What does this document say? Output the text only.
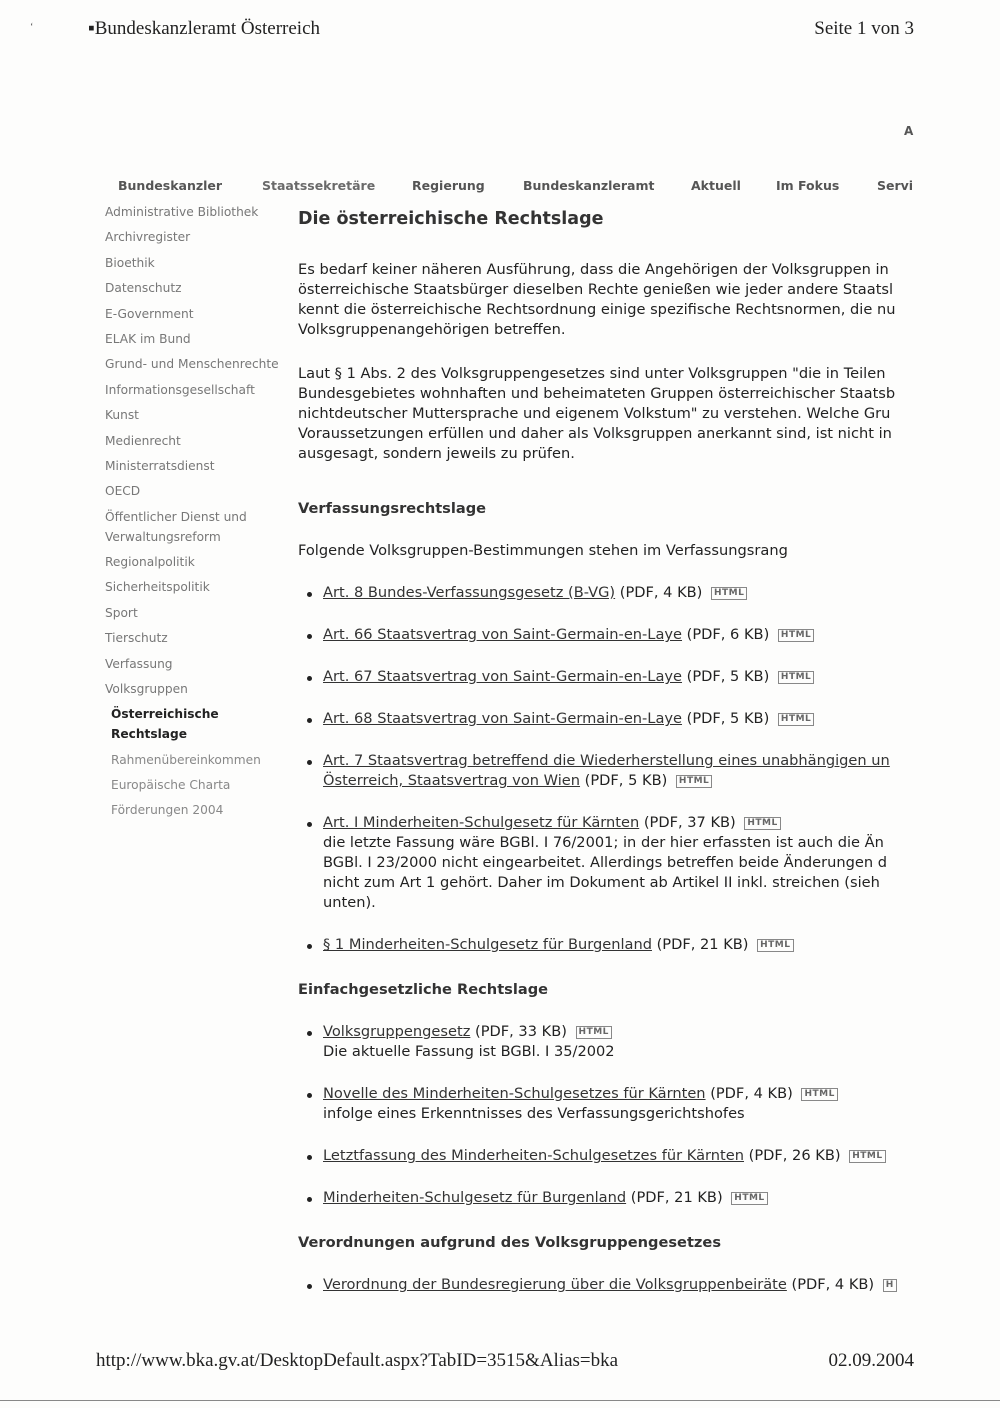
‘	▪Bundeskanzleramt Österreich	Seite 1 von 3
A
Bundeskanzler	Staatssekretäre	Regierung	Bundeskanzleramt	Aktuell	Im Fokus	Servi
Administrative Bibliothek
Archivregister
Bioethik
Datenschutz
E-Government
ELAK im Bund
Grund- und Menschenrechte
Informationsgesellschaft
Kunst
Medienrecht
Ministerratsdienst
OECD
Öffentlicher Dienst und Verwaltungsreform
Regionalpolitik
Sicherheitspolitik
Sport
Tierschutz
Verfassung
Volksgruppen
Österreichische Rechtslage
Rahmenübereinkommen
Europäische Charta
Förderungen 2004
Die österreichische Rechtslage

Es bedarf keiner näheren Ausführung, dass die Angehörigen der Volksgruppen in

österreichische Staatsbürger dieselben Rechte genießen wie jeder andere Staatsl

kennt die österreichische Rechtsordnung einige spezifische Rechtsnormen, die nu

Volksgruppenangehörigen betreffen.

Laut § 1 Abs. 2 des Volksgruppengesetzes sind unter Volksgruppen "die in Teilen

Bundesgebietes wohnhaften und beheimateten Gruppen österreichischer Staatsb

nichtdeutscher Muttersprache und eigenem Volkstum" zu verstehen. Welche Gru

Voraussetzungen erfüllen und daher als Volksgruppen anerkannt sind, ist nicht in

ausgesagt, sondern jeweils zu prüfen.

Verfassungsrechtslage

Folgende Volksgruppen-Bestimmungen stehen im Verfassungsrang

Art. 8 Bundes-Verfassungsgesetz (B-VG) (PDF, 4 KB) HTML
Art. 66 Staatsvertrag von Saint-Germain-en-Laye (PDF, 6 KB) HTML
Art. 67 Staatsvertrag von Saint-Germain-en-Laye (PDF, 5 KB) HTML
Art. 68 Staatsvertrag von Saint-Germain-en-Laye (PDF, 5 KB) HTML
Art. 7 Staatsvertrag betreffend die Wiederherstellung eines unabhängigen un
Österreich, Staatsvertrag von Wien (PDF, 5 KB) HTML
Art. I Minderheiten-Schulgesetz für Kärnten (PDF, 37 KB) HTML
die letzte Fassung wäre BGBl. I 76/2001; in der hier erfassten ist auch die Än
BGBl. I 23/2000 nicht eingearbeitet. Allerdings betreffen beide Änderungen d
nicht zum Art 1 gehört. Daher im Dokument ab Artikel II inkl. streichen (sieh
unten).
§ 1 Minderheiten-Schulgesetz für Burgenland (PDF, 21 KB) HTML
Einfachgesetzliche Rechtslage
Volksgruppengesetz (PDF, 33 KB) HTML
Die aktuelle Fassung ist BGBl. I 35/2002
Novelle des Minderheiten-Schulgesetzes für Kärnten (PDF, 4 KB) HTML
infolge eines Erkenntnisses des Verfassungsgerichtshofes
Letztfassung des Minderheiten-Schulgesetzes für Kärnten (PDF, 26 KB) HTML
Minderheiten-Schulgesetz für Burgenland (PDF, 21 KB) HTML
Verordnungen aufgrund des Volksgruppengesetzes
Verordnung der Bundesregierung über die Volksgruppenbeiräte (PDF, 4 KB) H
http://www.bka.gv.at/DesktopDefault.aspx?TabID=3515&Alias=bka	02.09.2004
